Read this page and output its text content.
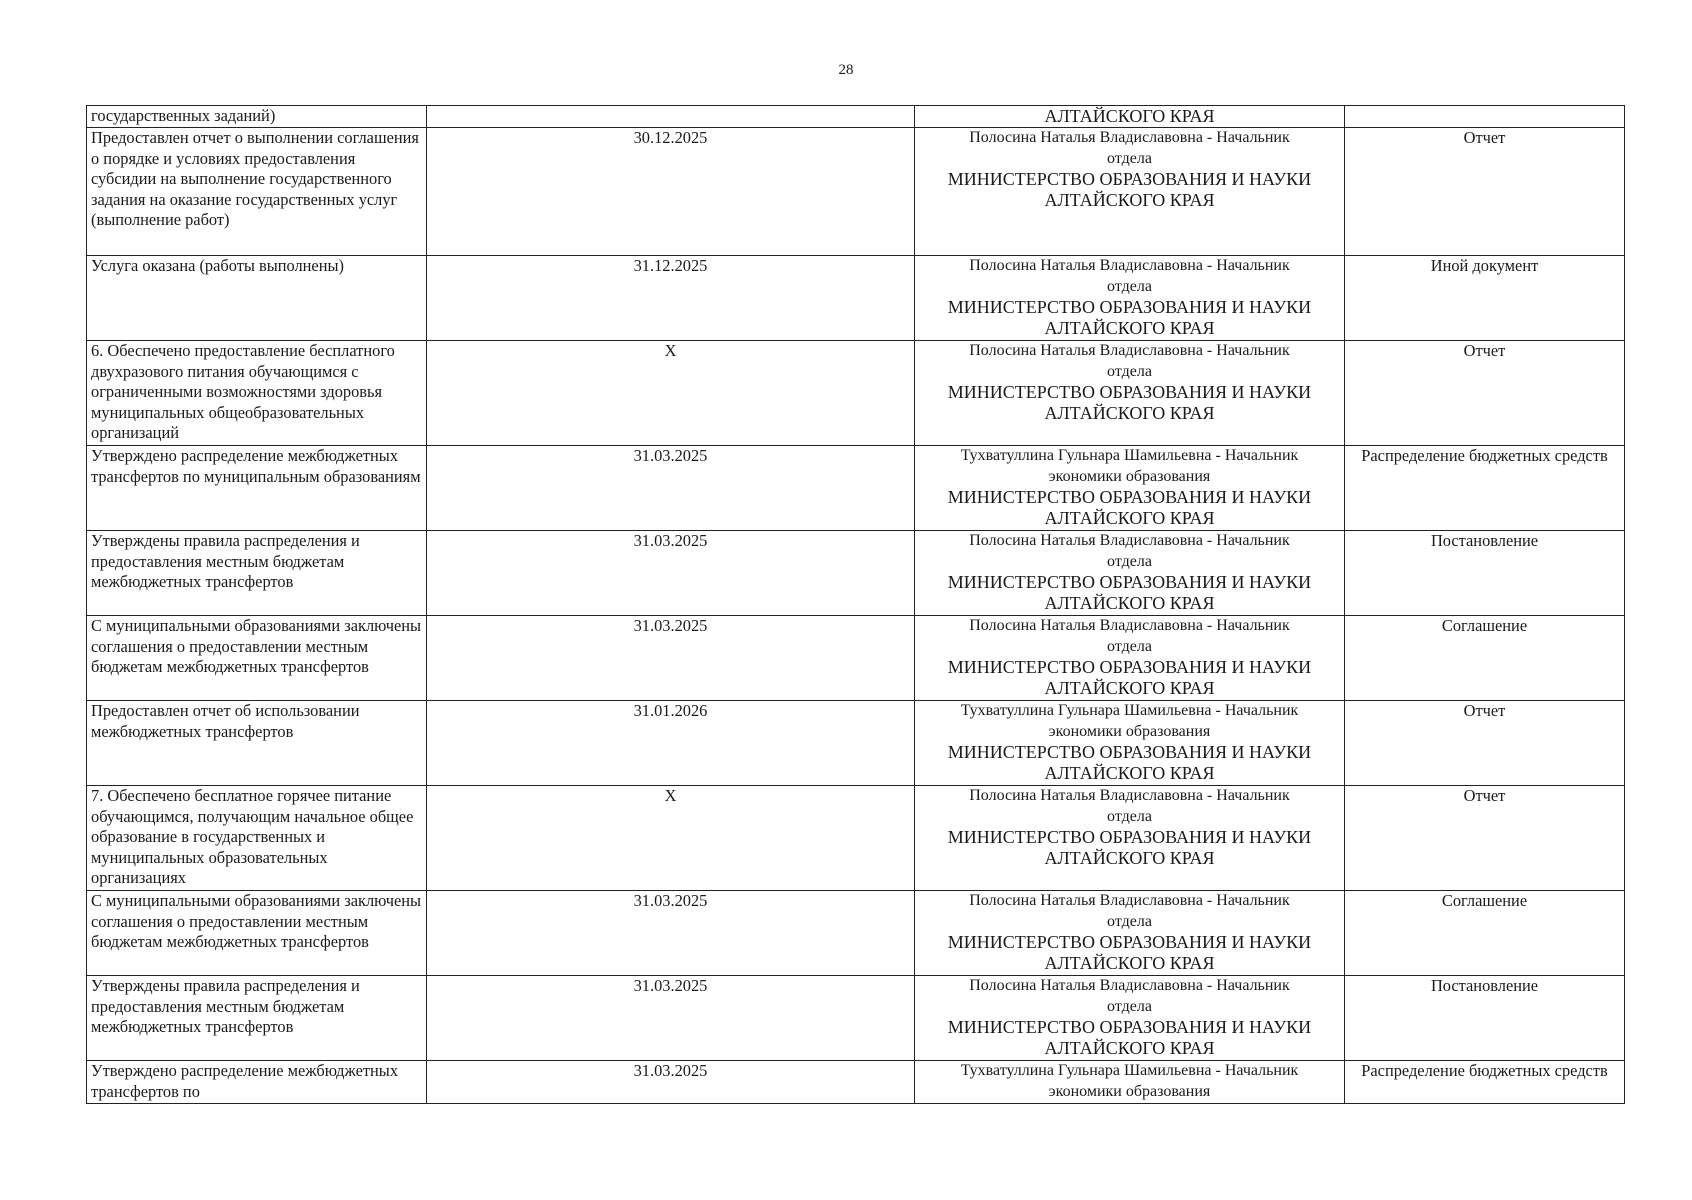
28
государственных заданий)		АЛТАЙСКОГО КРАЯ	

Предоставлен отчет о выполнении соглашения о порядке и условиях предоставления субсидии на выполнение государственного задания на оказание государственных услуг (выполнение работ)	30.12.2025	Полосина Наталья Владиславовна - Начальник
отдела
МИНИСТЕРСТВО ОБРАЗОВАНИЯ И НАУКИ АЛТАЙСКОГО КРАЯ	Отчет
Услуга оказана (работы выполнены)	31.12.2025	Полосина Наталья Владиславовна - Начальник
отдела
МИНИСТЕРСТВО ОБРАЗОВАНИЯ И НАУКИ АЛТАЙСКОГО КРАЯ	Иной документ
6. Обеспечено предоставление бесплатного двухразового питания обучающимся с ограниченными возможностями здоровья муниципальных общеобразовательных организаций	X	Полосина Наталья Владиславовна - Начальник
отдела
МИНИСТЕРСТВО ОБРАЗОВАНИЯ И НАУКИ АЛТАЙСКОГО КРАЯ	Отчет
Утверждено распределение межбюджетных трансфертов по муниципальным образованиям	31.03.2025	Тухватуллина Гульнара Шамильевна - Начальник
экономики образования
МИНИСТЕРСТВО ОБРАЗОВАНИЯ И НАУКИ АЛТАЙСКОГО КРАЯ	Распределение бюджетных средств
Утверждены правила распределения и предоставления местным бюджетам межбюджетных трансфертов	31.03.2025	Полосина Наталья Владиславовна - Начальник
отдела
МИНИСТЕРСТВО ОБРАЗОВАНИЯ И НАУКИ АЛТАЙСКОГО КРАЯ	Постановление
С муниципальными образованиями заключены соглашения о предоставлении местным бюджетам межбюджетных трансфертов	31.03.2025	Полосина Наталья Владиславовна - Начальник
отдела
МИНИСТЕРСТВО ОБРАЗОВАНИЯ И НАУКИ АЛТАЙСКОГО КРАЯ	Соглашение
Предоставлен отчет об использовании межбюджетных трансфертов	31.01.2026	Тухватуллина Гульнара Шамильевна - Начальник
экономики образования
МИНИСТЕРСТВО ОБРАЗОВАНИЯ И НАУКИ АЛТАЙСКОГО КРАЯ	Отчет
7. Обеспечено бесплатное горячее питание обучающимся, получающим начальное общее образование в государственных и муниципальных образовательных организациях	X	Полосина Наталья Владиславовна - Начальник
отдела
МИНИСТЕРСТВО ОБРАЗОВАНИЯ И НАУКИ АЛТАЙСКОГО КРАЯ	Отчет
С муниципальными образованиями заключены соглашения о предоставлении местным бюджетам межбюджетных трансфертов	31.03.2025	Полосина Наталья Владиславовна - Начальник
отдела
МИНИСТЕРСТВО ОБРАЗОВАНИЯ И НАУКИ АЛТАЙСКОГО КРАЯ	Соглашение
Утверждены правила распределения и предоставления местным бюджетам межбюджетных трансфертов	31.03.2025	Полосина Наталья Владиславовна - Начальник
отдела
МИНИСТЕРСТВО ОБРАЗОВАНИЯ И НАУКИ АЛТАЙСКОГО КРАЯ	Постановление
Утверждено распределение межбюджетных трансфертов по	31.03.2025	Тухватуллина Гульнара Шамильевна - Начальник
экономики образования	Распределение бюджетных средств
